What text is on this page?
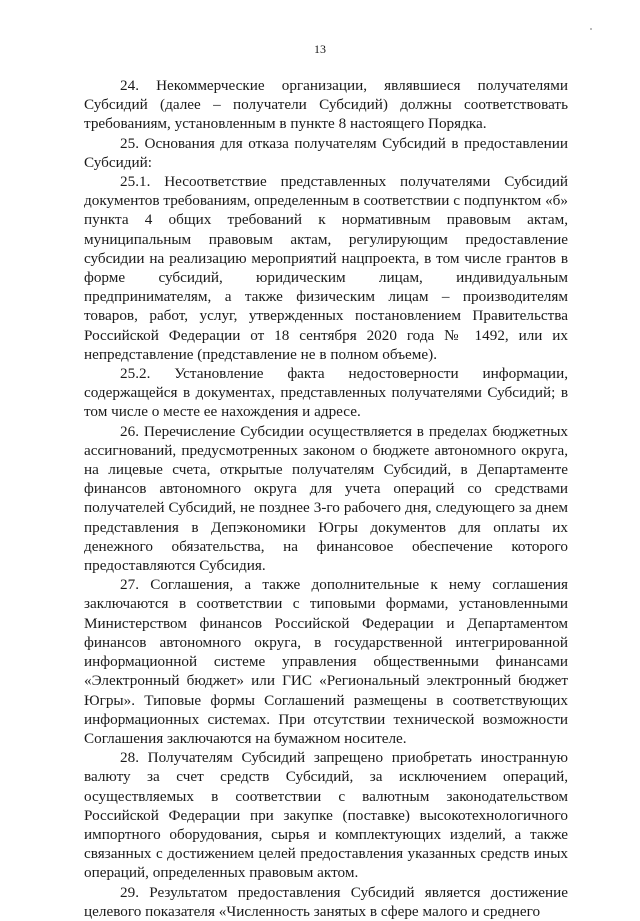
13

24. Некоммерческие организации, являвшиеся получателями Субсидий (далее – получатели Субсидий) должны соответствовать требованиям, установленным в пункте 8 настоящего Порядка.

25. Основания для отказа получателям Субсидий в предоставлении Субсидий:

25.1. Несоответствие представленных получателями Субсидий документов требованиям, определенным в соответствии с подпунктом «б» пункта 4 общих требований к нормативным правовым актам, муниципальным правовым актам, регулирующим предоставление субсидии на реализацию мероприятий нацпроекта, в том числе грантов в форме субсидий, юридическим лицам, индивидуальным предпринимателям, а также физическим лицам – производителям товаров, работ, услуг, утвержденных постановлением Правительства Российской Федерации от 18 сентября 2020 года № 1492, или их непредставление (представление не в полном объеме).

25.2. Установление факта недостоверности информации, содержащейся в документах, представленных получателями Субсидий; в том числе о месте ее нахождения и адресе.

26. Перечисление Субсидии осуществляется в пределах бюджетных ассигнований, предусмотренных законом о бюджете автономного округа, на лицевые счета, открытые получателям Субсидий, в Департаменте финансов автономного округа для учета операций со средствами получателей Субсидий, не позднее 3-го рабочего дня, следующего за днем представления в Депэкономики Югры документов для оплаты их денежного обязательства, на финансовое обеспечение которого предоставляются Субсидия.

27. Соглашения, а также дополнительные к нему соглашения заключаются в соответствии с типовыми формами, установленными Министерством финансов Российской Федерации и Департаментом финансов автономного округа, в государственной интегрированной информационной системе управления общественными финансами «Электронный бюджет» или ГИС «Региональный электронный бюджет Югры». Типовые формы Соглашений размещены в соответствующих информационных системах. При отсутствии технической возможности Соглашения заключаются на бумажном носителе.

28. Получателям Субсидий запрещено приобретать иностранную валюту за счет средств Субсидий, за исключением операций, осуществляемых в соответствии с валютным законодательством Российской Федерации при закупке (поставке) высокотехнологичного импортного оборудования, сырья и комплектующих изделий, а также связанных с достижением целей предоставления указанных средств иных операций, определенных правовым актом.

29. Результатом предоставления Субсидий является достижение целевого показателя «Численность занятых в сфере малого и среднего
